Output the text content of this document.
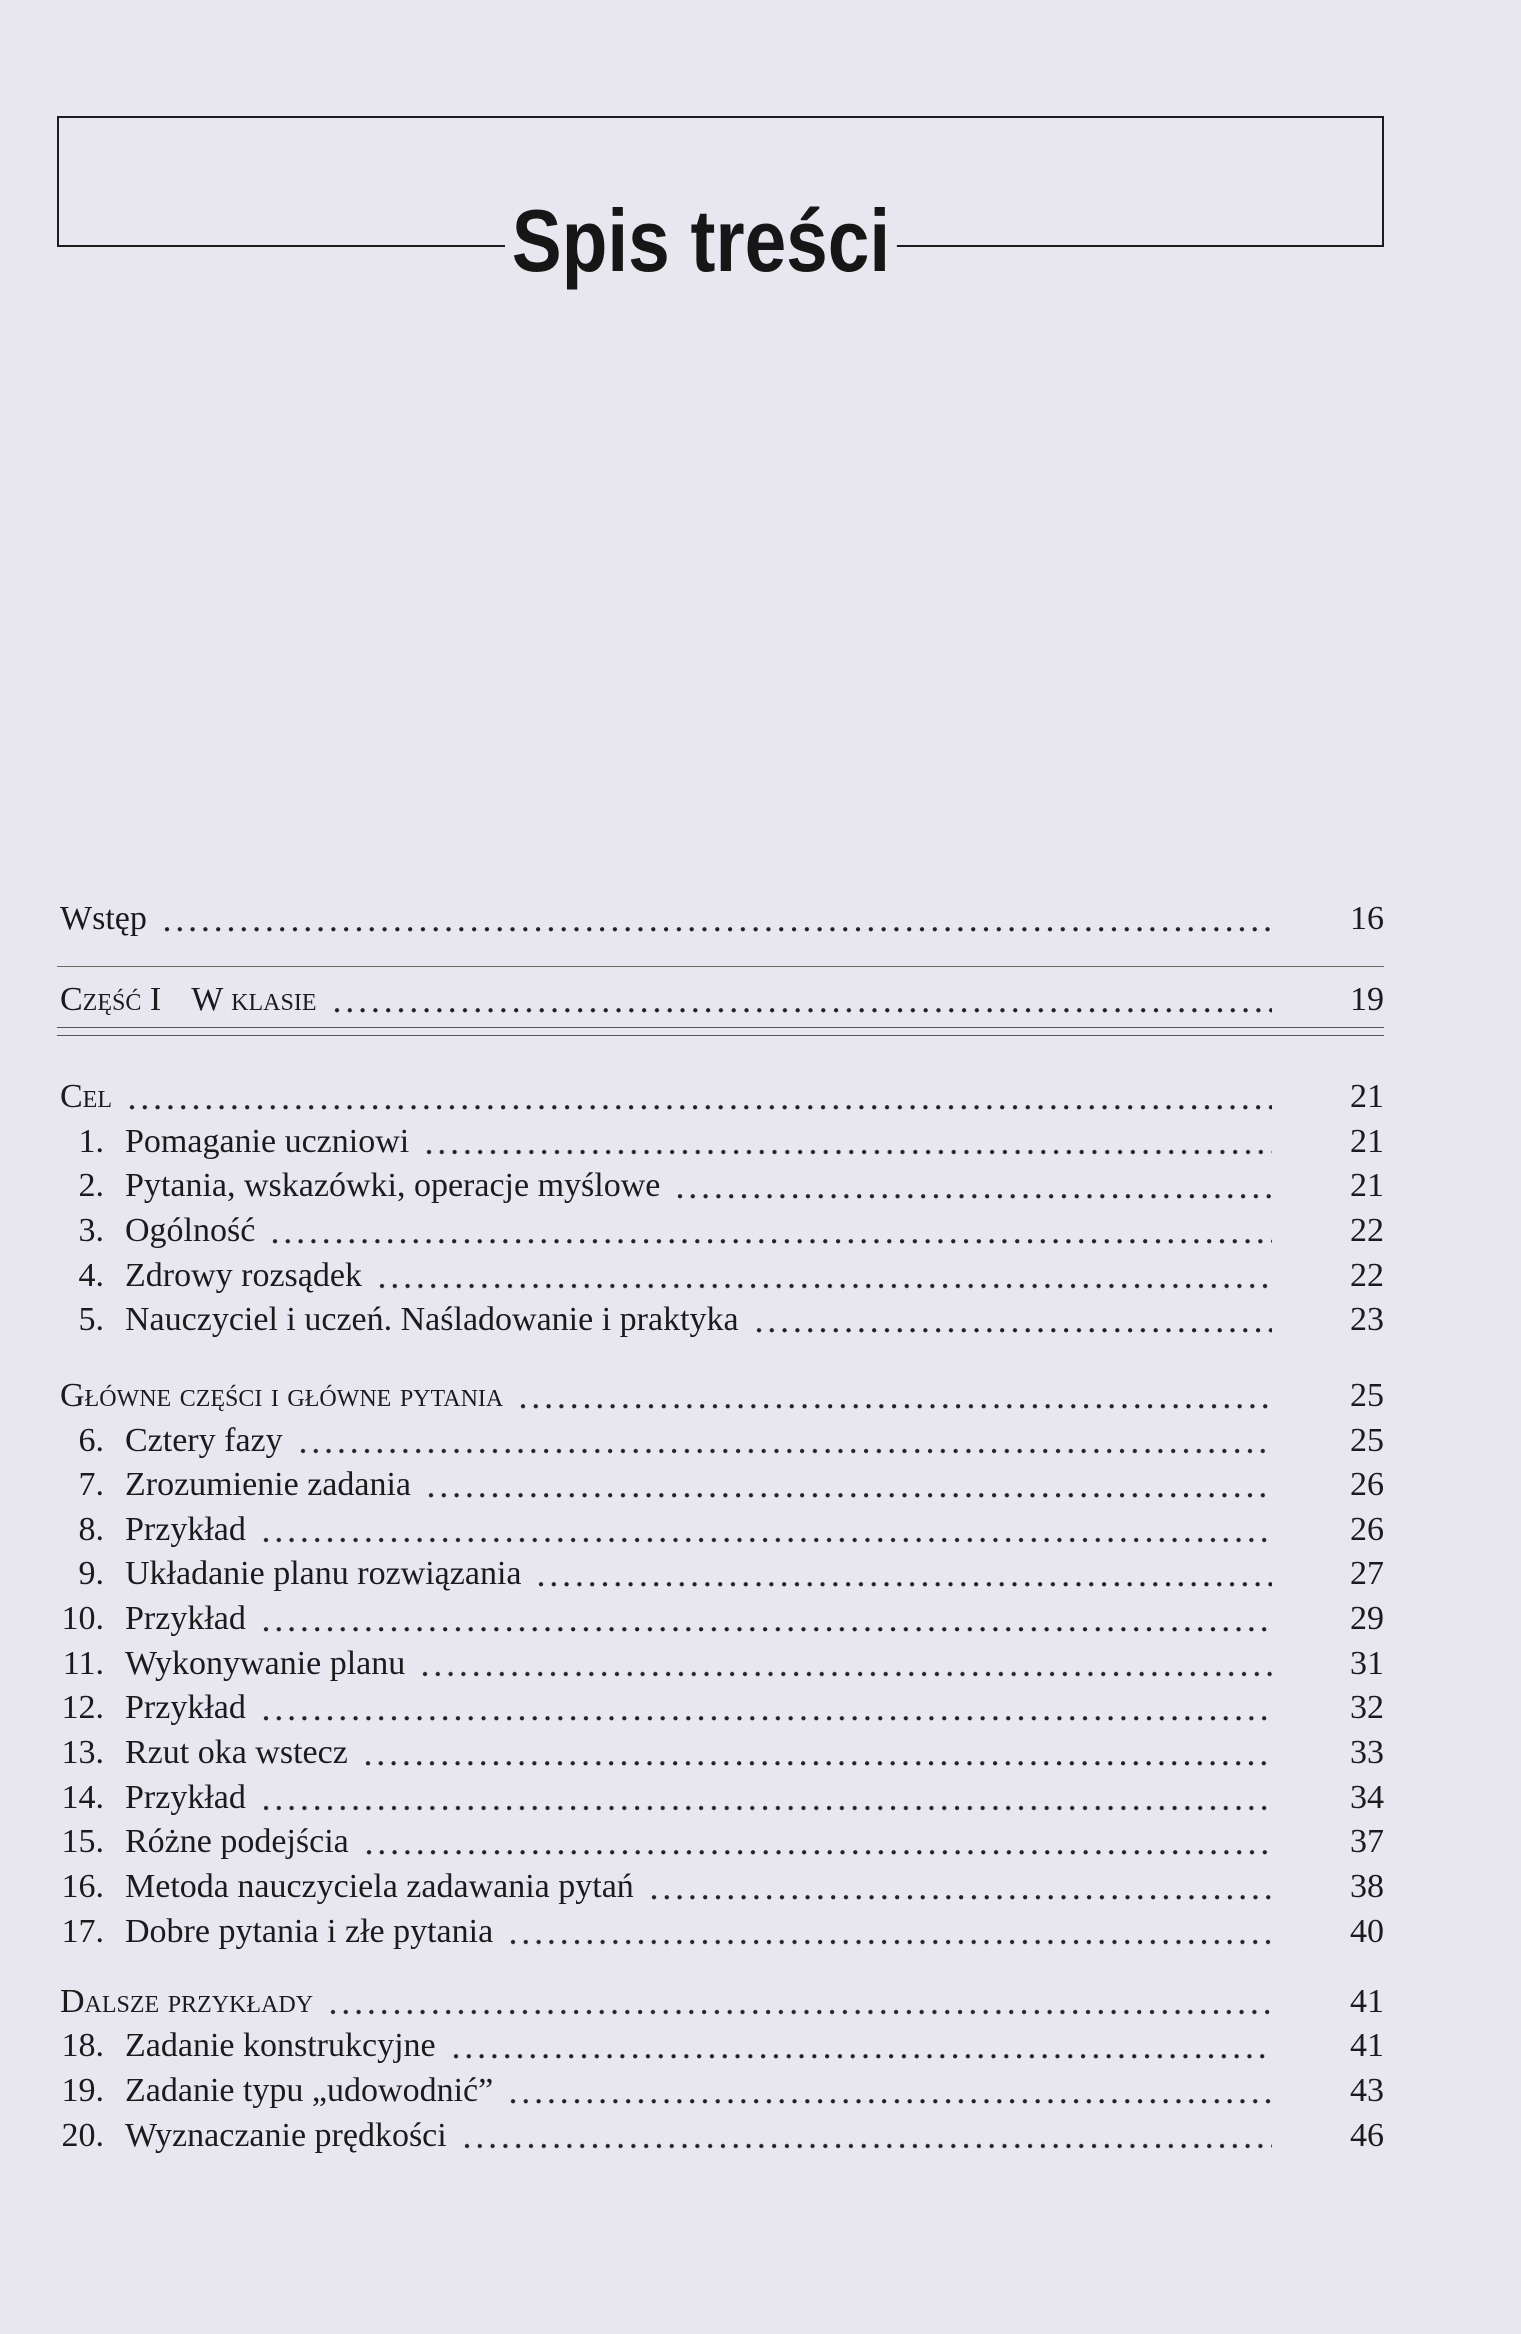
Spis treści
Wstęp	16
Część I W klasie	19
Cel	21
1. Pomaganie uczniowi	21
2. Pytania, wskazówki, operacje myślowe	21
3. Ogólność	22
4. Zdrowy rozsądek	22
5. Nauczyciel i uczeń. Naśladowanie i praktyka	23
Główne części i główne pytania	25
6. Cztery fazy	25
7. Zrozumienie zadania	26
8. Przykład	26
9. Układanie planu rozwiązania	27
10. Przykład	29
11. Wykonywanie planu	31
12. Przykład	32
13. Rzut oka wstecz	33
14. Przykład	34
15. Różne podejścia	37
16. Metoda nauczyciela zadawania pytań	38
17. Dobre pytania i złe pytania	40
Dalsze przykłady	41
18. Zadanie konstrukcyjne	41
19. Zadanie typu „udowodnić”	43
20. Wyznaczanie prędkości	46
